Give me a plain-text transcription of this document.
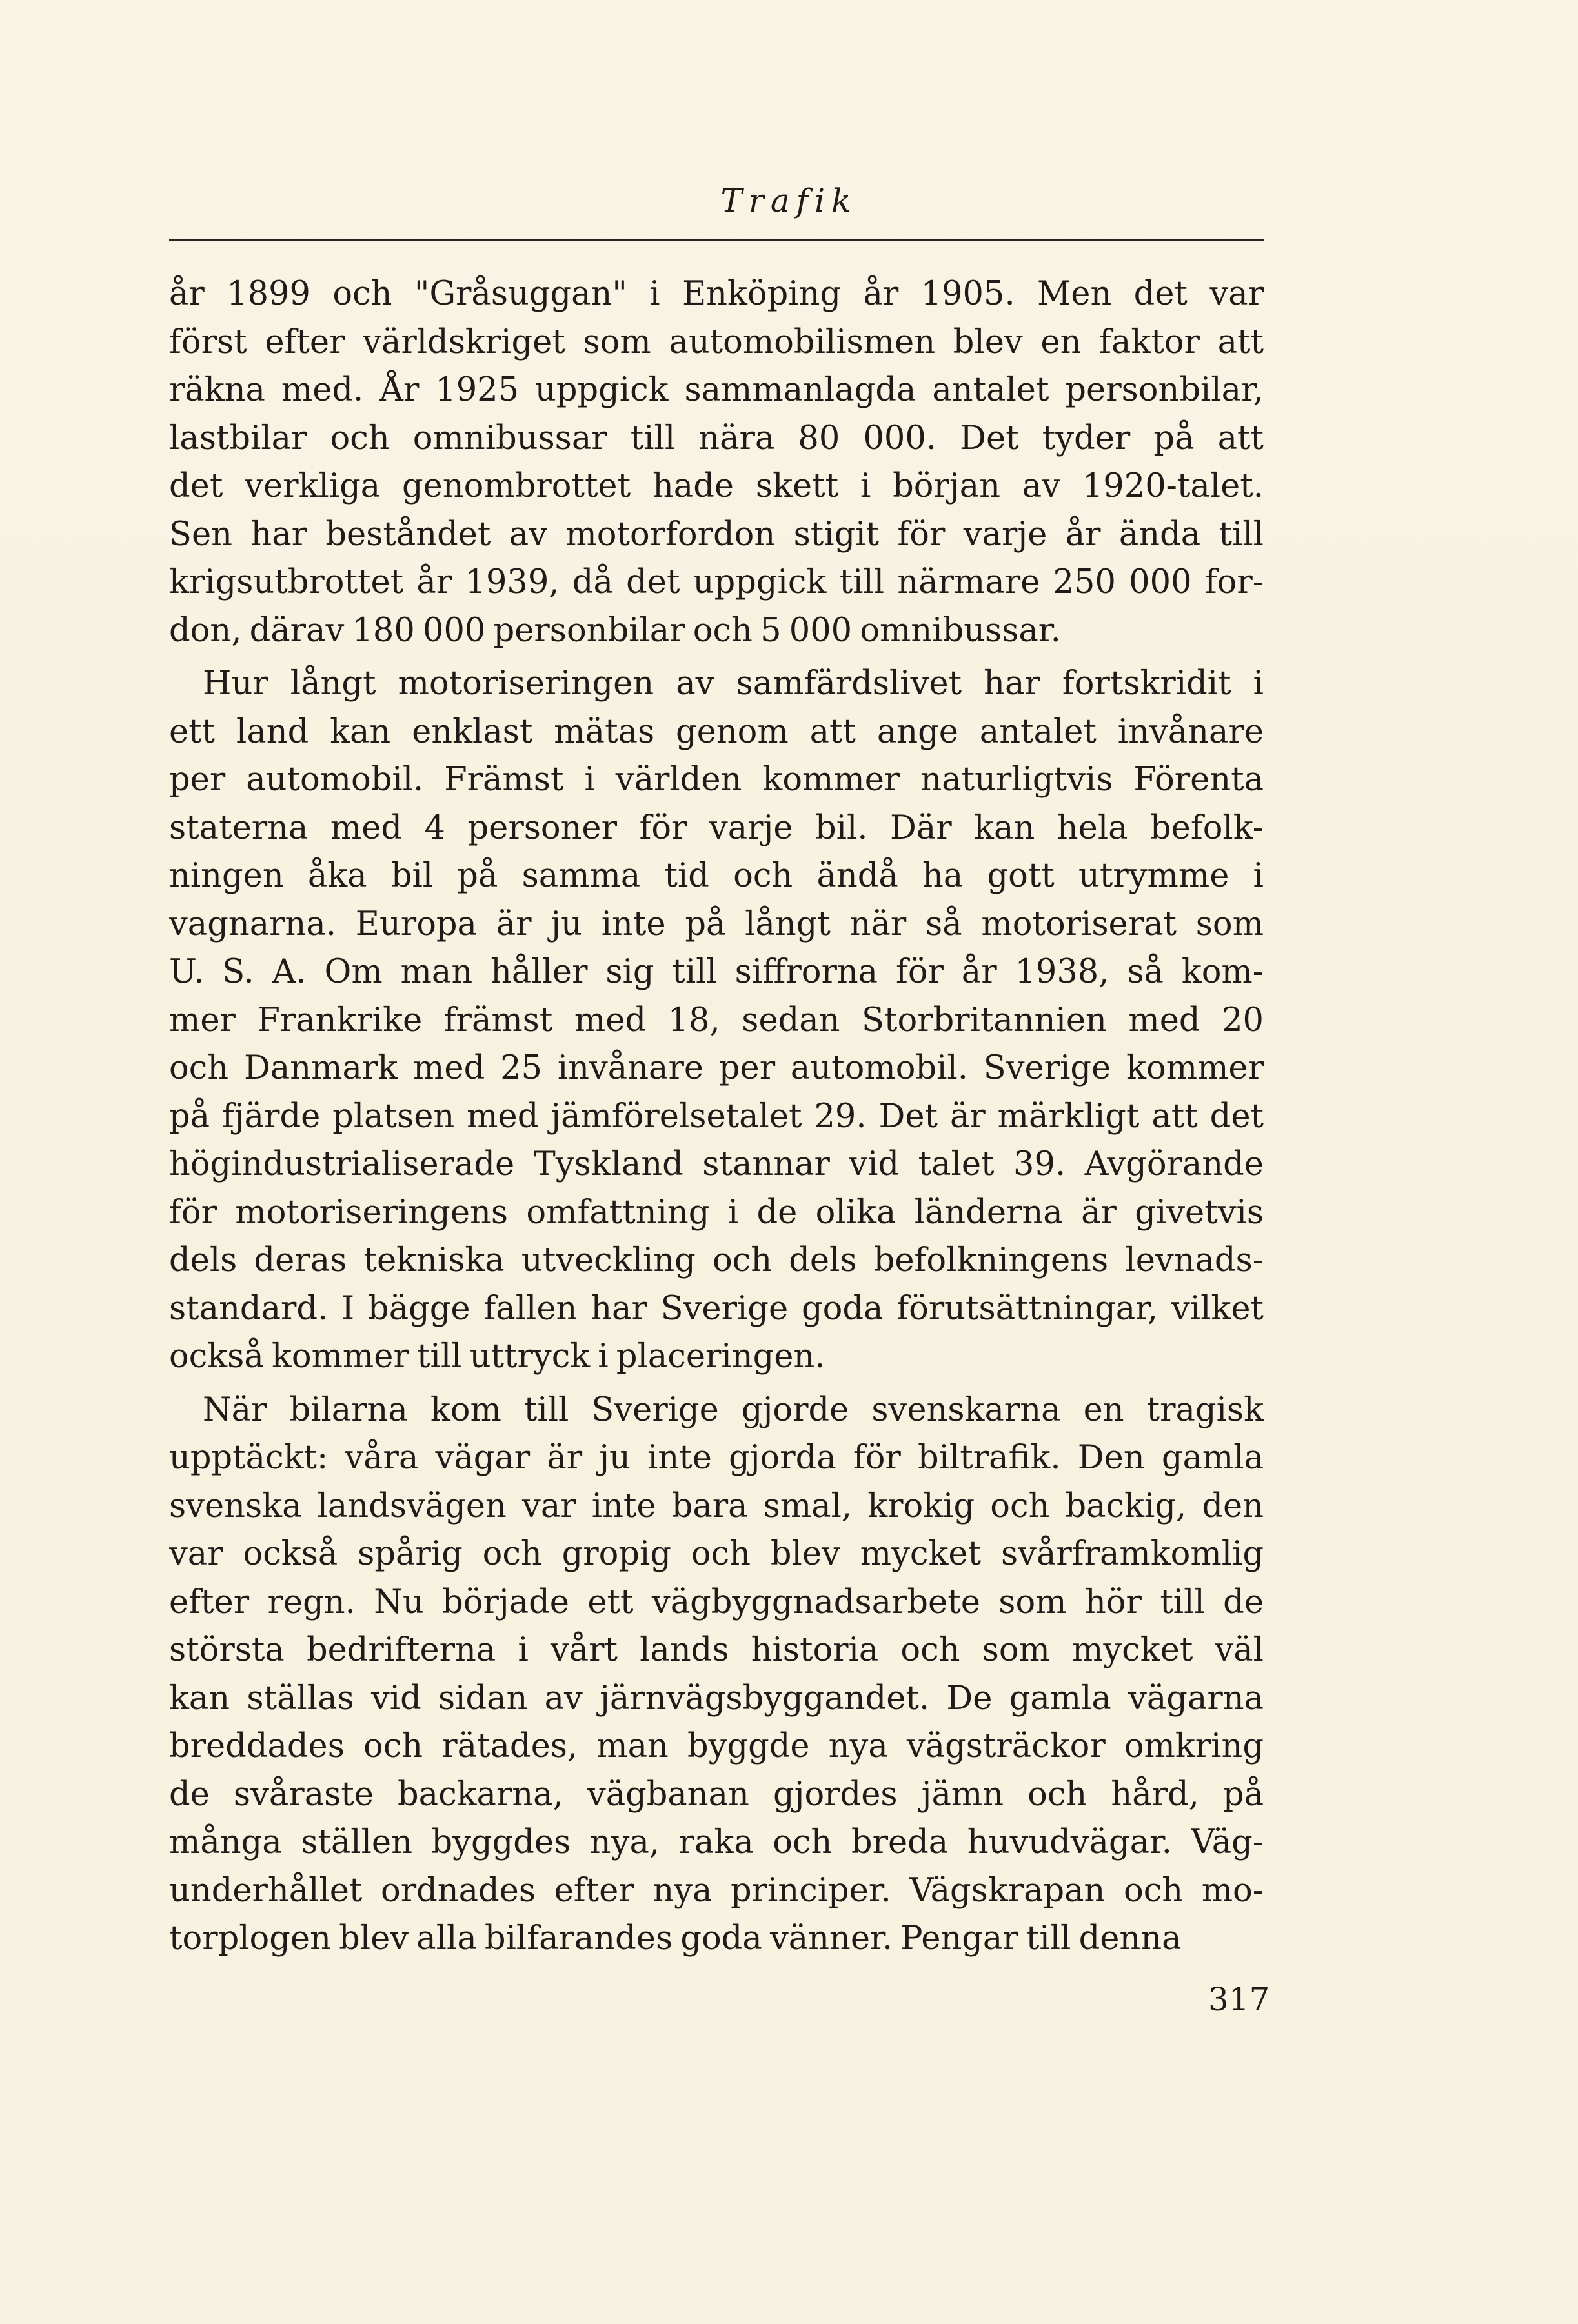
Trafik
år 1899 och "Gråsuggan" i Enköping år 1905. Men det var
först efter världskriget som automobilismen blev en faktor att
räkna med. År 1925 uppgick sammanlagda antalet personbilar,
lastbilar och omnibussar till nära 80 000. Det tyder på att
det verkliga genombrottet hade skett i början av 1920-talet.
Sen har beståndet av motorfordon stigit för varje år ända till
krigsutbrottet år 1939, då det uppgick till närmare 250 000 for-
don, därav 180 000 personbilar och 5 000 omnibussar.
Hur långt motoriseringen av samfärdslivet har fortskridit i
ett land kan enklast mätas genom att ange antalet invånare
per automobil. Främst i världen kommer naturligtvis Förenta
staterna med 4 personer för varje bil. Där kan hela befolk-
ningen åka bil på samma tid och ändå ha gott utrymme i
vagnarna. Europa är ju inte på långt när så motoriserat som
U. S. A. Om man håller sig till siffrorna för år 1938, så kom-
mer Frankrike främst med 18, sedan Storbritannien med 20
och Danmark med 25 invånare per automobil. Sverige kommer
på fjärde platsen med jämförelsetalet 29. Det är märkligt att det
högindustrialiserade Tyskland stannar vid talet 39. Avgörande
för motoriseringens omfattning i de olika länderna är givetvis
dels deras tekniska utveckling och dels befolkningens levnads-
standard. I bägge fallen har Sverige goda förutsättningar, vilket
också kommer till uttryck i placeringen.
När bilarna kom till Sverige gjorde svenskarna en tragisk
upptäckt: våra vägar är ju inte gjorda för biltrafik. Den gamla
svenska landsvägen var inte bara smal, krokig och backig, den
var också spårig och gropig och blev mycket svårframkomlig
efter regn. Nu började ett vägbyggnadsarbete som hör till de
största bedrifterna i vårt lands historia och som mycket väl
kan ställas vid sidan av järnvägsbyggandet. De gamla vägarna
breddades och rätades, man byggde nya vägsträckor omkring
de svåraste backarna, vägbanan gjordes jämn och hård, på
många ställen byggdes nya, raka och breda huvudvägar. Väg-
underhållet ordnades efter nya principer. Vägskrapan och mo-
torplogen blev alla bilfarandes goda vänner. Pengar till denna
317
